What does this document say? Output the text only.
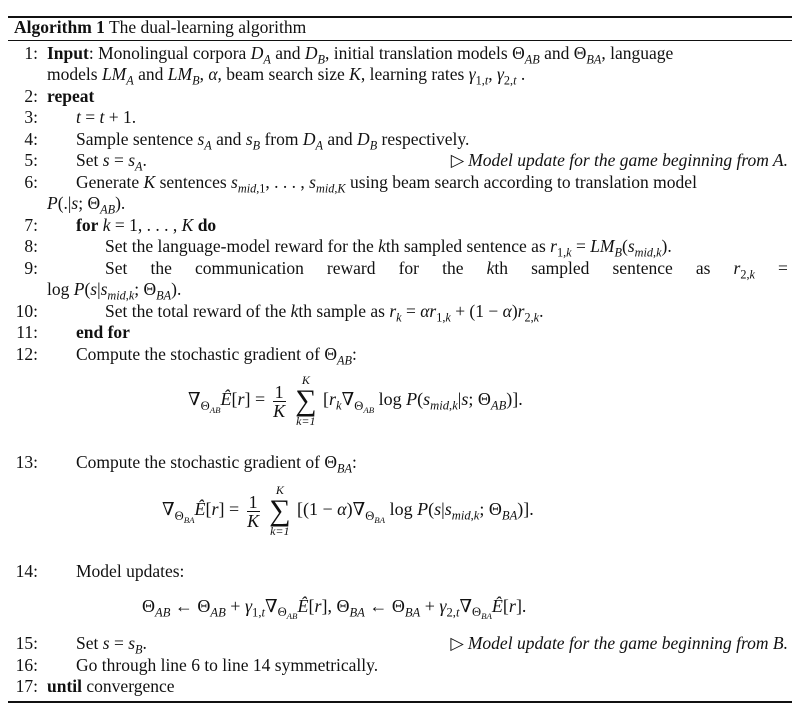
Algorithm 1 The dual-learning algorithm
1: Input: Monolingual corpora $D_A$ and $D_B$, initial translation models $\Theta_{AB}$ and $\Theta_{BA}$, language
models $LM_A$ and $LM_B$, α, beam search size K, learning rates $\gamma_{1,t}$, $\gamma_{2,t}$ .
2: repeat
3: t = t + 1.
4: Sample sentence $s_A$ and $s_B$ from $D_A$ and $D_B$ respectively.
5: Set $s = s_A$.	▷ Model update for the game beginning from A.
6: Generate K sentences $s_{mid,1}$, . . . , $s_{mid,K}$ using beam search according to translation model
P(.|s; $\Theta_{AB}$).
7: for k = 1, . . . , K do
8:	Set the language-model reward for the kth sampled sentence as $r_{1,k} = LM_B(s_{mid,k})$.
9:	Set the communication reward for the kth sampled sentence as $r_{2,k}$ =
$\log P(s|s_{mid,k}$; $\Theta_{BA}$).
10:	Set the total reward of the kth sample as $r_k = \alpha r_{1,k} + (1 - \alpha)r_{2,k}$.
11: end for
12: Compute the stochastic gradient of $\Theta_{AB}$:
$\nabla_{\Theta_{AB}}Ê[r] = \frac{1}{K}$

K
∑
k=1
[$r_k\nabla_{\Theta_{AB}}$ $\log P(s_{mid,k}|s$; $\Theta_{AB}$)].
13: Compute the stochastic gradient of $\Theta_{BA}$:
$\nabla_{\Theta_{BA}}Ê[r] = \frac{1}{K}$

K
∑
k=1
[$(1 - \alpha)\nabla_{\Theta_{BA}}$ $\log P(s|s_{mid,k}$; $\Theta_{BA}$)].
14: Model updates:
$\Theta_{AB}$ ← $\Theta_{AB}$ + $\gamma_{1,t}\nabla_{\Theta_{AB}}Ê[r]$, $\Theta_{BA}$ ← $\Theta_{BA}$ + $\gamma_{2,t}\nabla_{\Theta_{BA}}Ê[r]$.
15: Set $s = s_B$.	▷ Model update for the game beginning from B.
16: Go through line 6 to line 14 symmetrically.
17: until convergence
